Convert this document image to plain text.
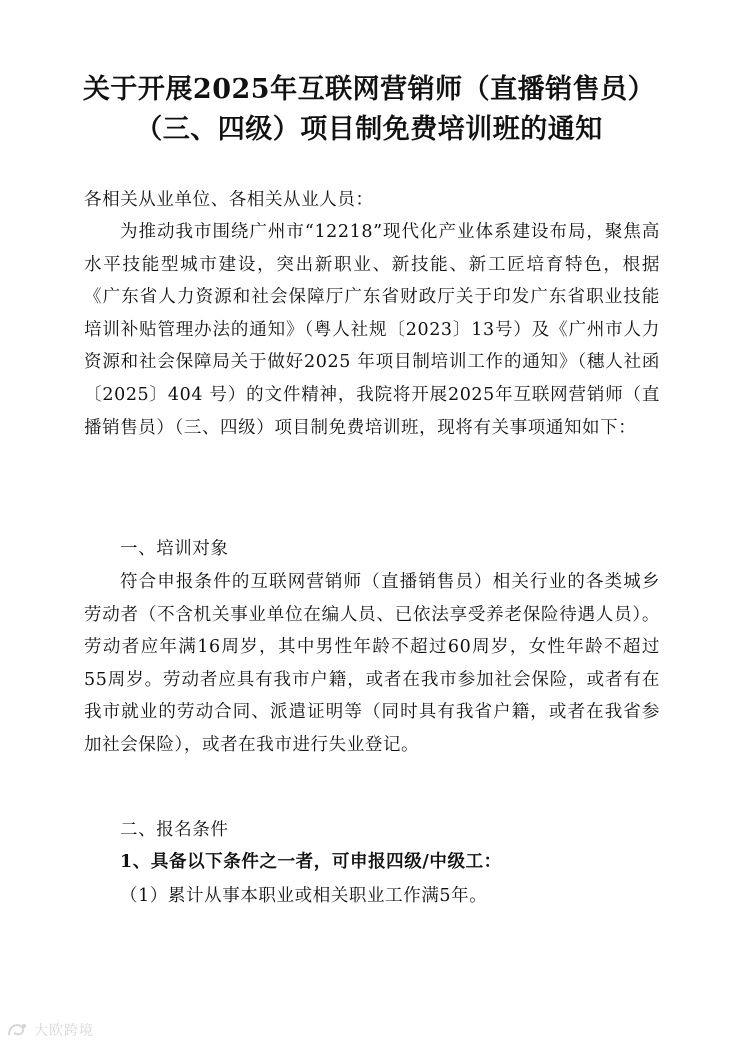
关于开展2025年互联网营销师（直播销售员）
（三、四级）项目制免费培训班的通知
各相关从业单位、各相关从业人员：
为推动我市围绕广州市“12218”现代化产业体系建设布局，聚焦高水平技能型城市建设，突出新职业、新技能、新工匠培育特色，根据《广东省人力资源和社会保障厅广东省财政厅关于印发广东省职业技能培训补贴管理办法的通知》（粤人社规〔2023〕13号）及《广州市人力资源和社会保障局关于做好2025 年项目制培训工作的通知》（穗人社函〔2025〕404 号）的文件精神，我院将开展2025年互联网营销师（直播销售员）（三、四级）项目制免费培训班，现将有关事项通知如下：
一、培训对象
符合申报条件的互联网营销师（直播销售员）相关行业的各类城乡劳动者（不含机关事业单位在编人员、已依法享受养老保险待遇人员）。劳动者应年满16周岁，其中男性年龄不超过60周岁，女性年龄不超过55周岁。劳动者应具有我市户籍，或者在我市参加社会保险，或者有在我市就业的劳动合同、派遣证明等（同时具有我省户籍，或者在我省参加社会保险），或者在我市进行失业登记。
二、报名条件
1、具备以下条件之一者，可申报四级/中级工：
（1）累计从事本职业或相关职业工作满5年。
大欧跨境
